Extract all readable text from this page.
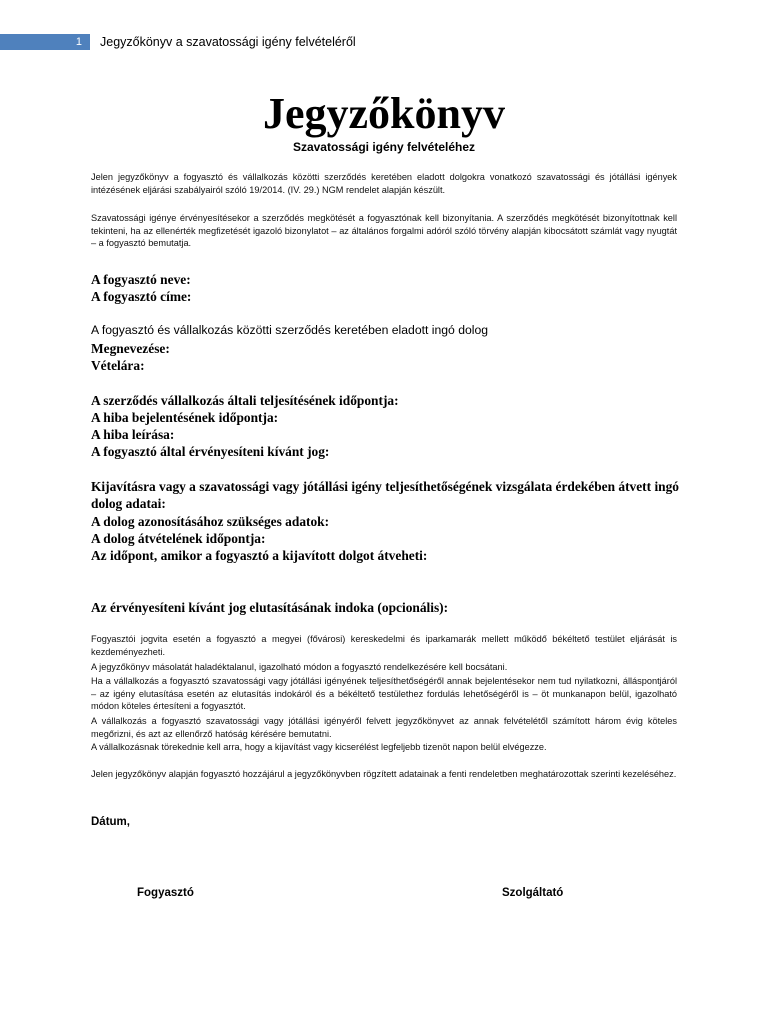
1	Jegyzőkönyv a szavatossági igény felvételéről
Jegyzőkönyv
Szavatossági igény felvételéhez
Jelen jegyzőkönyv a fogyasztó és vállalkozás közötti szerződés keretében eladott dolgokra vonatkozó szavatossági és jótállási igények intézésének eljárási szabályairól szóló 19/2014. (IV. 29.) NGM rendelet alapján készült.
Szavatossági igénye érvényesítésekor a szerződés megkötését a fogyasztónak kell bizonyítania. A szerződés megkötését bizonyítottnak kell tekinteni, ha az ellenérték megfizetését igazoló bizonylatot – az általános forgalmi adóról szóló törvény alapján kibocsátott számlát vagy nyugtát – a fogyasztó bemutatja.
A fogyasztó neve:
A fogyasztó címe:
A fogyasztó és vállalkozás közötti szerződés keretében eladott ingó dolog
Megnevezése:
Vételára:
A szerződés vállalkozás általi teljesítésének időpontja:
A hiba bejelentésének időpontja:
A hiba leírása:
A fogyasztó által érvényesíteni kívánt jog:
Kijavításra vagy a szavatossági vagy jótállási igény teljesíthetőségének vizsgálata érdekében átvett ingó dolog adatai:
A dolog azonosításához szükséges adatok:
A dolog átvételének időpontja:
Az időpont, amikor a fogyasztó a kijavított dolgot átveheti:
Az érvényesíteni kívánt jog elutasításának indoka (opcionális):
Fogyasztói jogvita esetén a fogyasztó a megyei (fővárosi) kereskedelmi és iparkamarák mellett működő békéltető testület eljárását is kezdeményezheti.
A jegyzőkönyv másolatát haladéktalanul, igazolható módon a fogyasztó rendelkezésére kell bocsátani.
Ha a vállalkozás a fogyasztó szavatossági vagy jótállási igényének teljesíthetőségéről annak bejelentésekor nem tud nyilatkozni, álláspontjáról – az igény elutasítása esetén az elutasítás indokáról és a békéltető testülethez fordulás lehetőségéről is – öt munkanapon belül, igazolható módon köteles értesíteni a fogyasztót.
A vállalkozás a fogyasztó szavatossági vagy jótállási igényéről felvett jegyzőkönyvet az annak felvételétől számított három évig köteles megőrizni, és azt az ellenőrző hatóság kérésére bemutatni.
A vállalkozásnak törekednie kell arra, hogy a kijavítást vagy kicserélést legfeljebb tizenöt napon belül elvégezze.
Jelen jegyzőkönyv alapján fogyasztó hozzájárul a jegyzőkönyvben rögzített adatainak a fenti rendeletben meghatározottak szerinti kezeléséhez.
Dátum,
Fogyasztó	Szolgáltató
